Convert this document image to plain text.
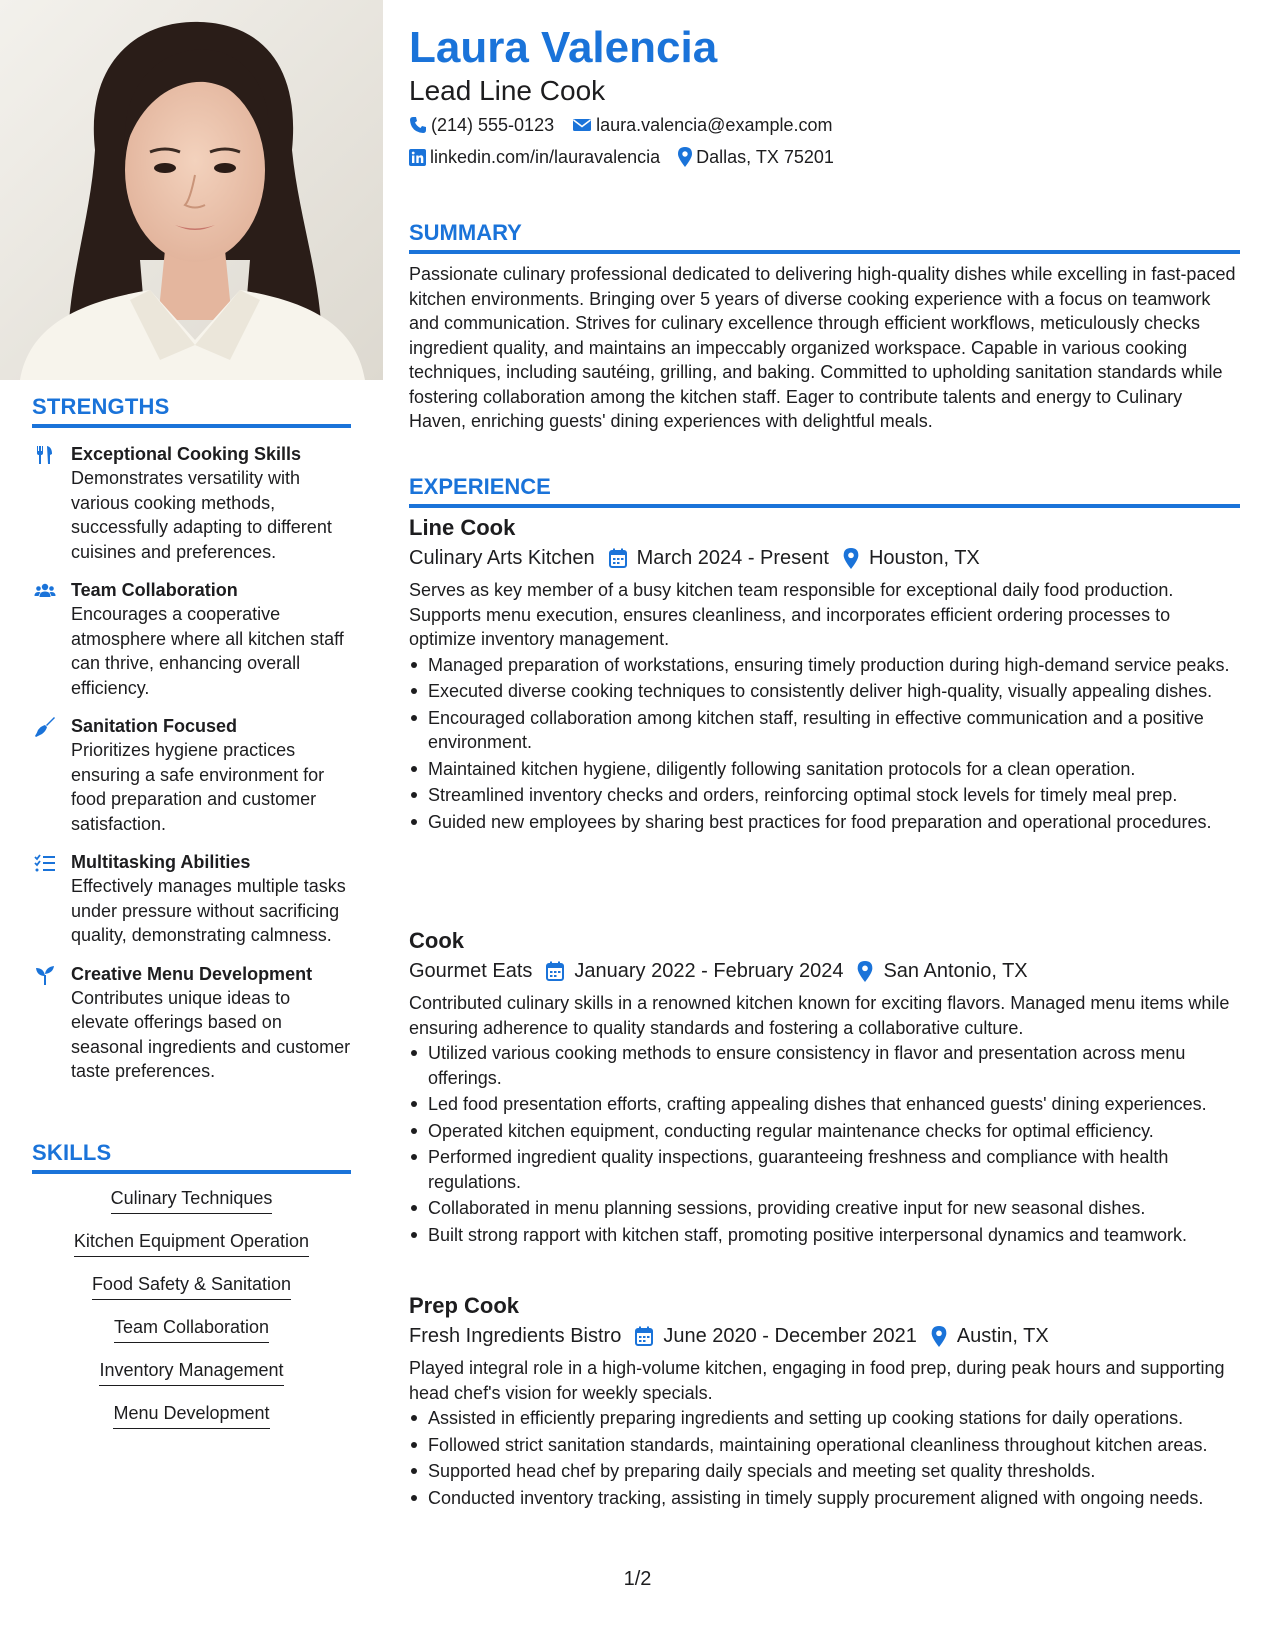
STRENGTHS
Exceptional Cooking Skills
Demonstrates versatility with various cooking methods, successfully adapting to different cuisines and preferences.
Team Collaboration
Encourages a cooperative atmosphere where all kitchen staff can thrive, enhancing overall efficiency.
Sanitation Focused
Prioritizes hygiene practices ensuring a safe environment for food preparation and customer satisfaction.
Multitasking Abilities
Effectively manages multiple tasks under pressure without sacrificing quality, demonstrating calmness.
Creative Menu Development
Contributes unique ideas to elevate offerings based on seasonal ingredients and customer taste preferences.
SKILLS
Culinary Techniques
Kitchen Equipment Operation
Food Safety & Sanitation
Team Collaboration
Inventory Management
Menu Development
Laura Valencia
Lead Line Cook
(214) 555-0123 laura.valencia@example.com
linkedin.com/in/lauravalencia Dallas, TX 75201
SUMMARY
Passionate culinary professional dedicated to delivering high-quality dishes while excelling in fast-paced kitchen environments. Bringing over 5 years of diverse cooking experience with a focus on teamwork and communication. Strives for culinary excellence through efficient workflows, meticulously checks ingredient quality, and maintains an impeccably organized workspace. Capable in various cooking techniques, including sautéing, grilling, and baking. Committed to upholding sanitation standards while fostering collaboration among the kitchen staff. Eager to contribute talents and energy to Culinary Haven, enriching guests' dining experiences with delightful meals.
EXPERIENCE
Line Cook
Culinary Arts Kitchen March 2024 - Present Houston, TX
Serves as key member of a busy kitchen team responsible for exceptional daily food production. Supports menu execution, ensures cleanliness, and incorporates efficient ordering processes to optimize inventory management.
Managed preparation of workstations, ensuring timely production during high-demand service peaks.
Executed diverse cooking techniques to consistently deliver high-quality, visually appealing dishes.
Encouraged collaboration among kitchen staff, resulting in effective communication and a positive environment.
Maintained kitchen hygiene, diligently following sanitation protocols for a clean operation.
Streamlined inventory checks and orders, reinforcing optimal stock levels for timely meal prep.
Guided new employees by sharing best practices for food preparation and operational procedures.
Cook
Gourmet Eats January 2022 - February 2024 San Antonio, TX
Contributed culinary skills in a renowned kitchen known for exciting flavors. Managed menu items while ensuring adherence to quality standards and fostering a collaborative culture.
Utilized various cooking methods to ensure consistency in flavor and presentation across menu offerings.
Led food presentation efforts, crafting appealing dishes that enhanced guests' dining experiences.
Operated kitchen equipment, conducting regular maintenance checks for optimal efficiency.
Performed ingredient quality inspections, guaranteeing freshness and compliance with health regulations.
Collaborated in menu planning sessions, providing creative input for new seasonal dishes.
Built strong rapport with kitchen staff, promoting positive interpersonal dynamics and teamwork.
Prep Cook
Fresh Ingredients Bistro June 2020 - December 2021 Austin, TX
Played integral role in a high-volume kitchen, engaging in food prep, during peak hours and supporting head chef's vision for weekly specials.
Assisted in efficiently preparing ingredients and setting up cooking stations for daily operations.
Followed strict sanitation standards, maintaining operational cleanliness throughout kitchen areas.
Supported head chef by preparing daily specials and meeting set quality thresholds.
Conducted inventory tracking, assisting in timely supply procurement aligned with ongoing needs.
1/2
